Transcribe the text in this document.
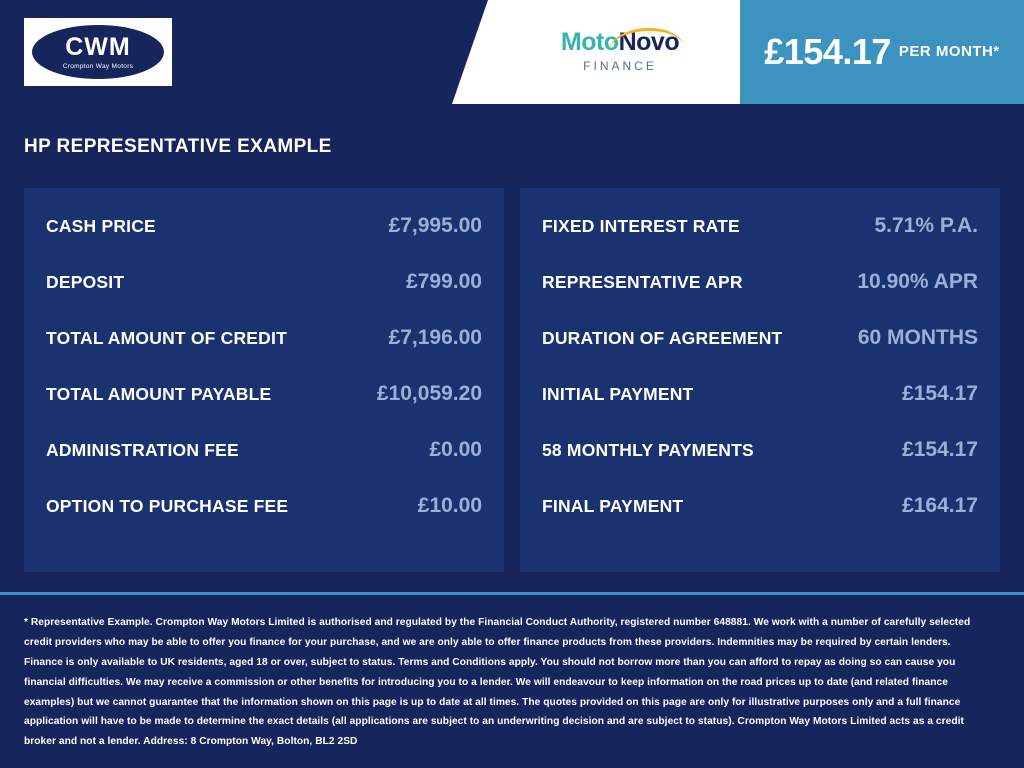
CWM
Crompton Way Motors
MotoNovo
FINANCE	£154.17 PER MONTH*
HP REPRESENTATIVE EXAMPLE
CASH PRICE	£7,995.00
DEPOSIT	£799.00
TOTAL AMOUNT OF CREDIT	£7,196.00
TOTAL AMOUNT PAYABLE	£10,059.20
ADMINISTRATION FEE	£0.00
OPTION TO PURCHASE FEE	£10.00
FIXED INTEREST RATE	5.71% P.A.
REPRESENTATIVE APR	10.90% APR
DURATION OF AGREEMENT	60 MONTHS
INITIAL PAYMENT	£154.17
58 MONTHLY PAYMENTS	£154.17
FINAL PAYMENT	£164.17

* Representative Example. Crompton Way Motors Limited is authorised and regulated by the Financial Conduct Authority, registered number 648881. We work with a number of carefully selected credit providers who may be able to offer you finance for your purchase, and we are only able to offer finance products from these providers. Indemnities may be required by certain lenders. Finance is only available to UK residents, aged 18 or over, subject to status. Terms and Conditions apply. You should not borrow more than you can afford to repay as doing so can cause you financial difficulties. We may receive a commission or other benefits for introducing you to a lender. We will endeavour to keep information on the road prices up to date (and related finance examples) but we cannot guarantee that the information shown on this page is up to date at all times. The quotes provided on this page are only for illustrative purposes only and a full finance application will have to be made to determine the exact details (all applications are subject to an underwriting decision and are subject to status). Crompton Way Motors Limited acts as a credit broker and not a lender. Address: 8 Crompton Way, Bolton, BL2 2SD
